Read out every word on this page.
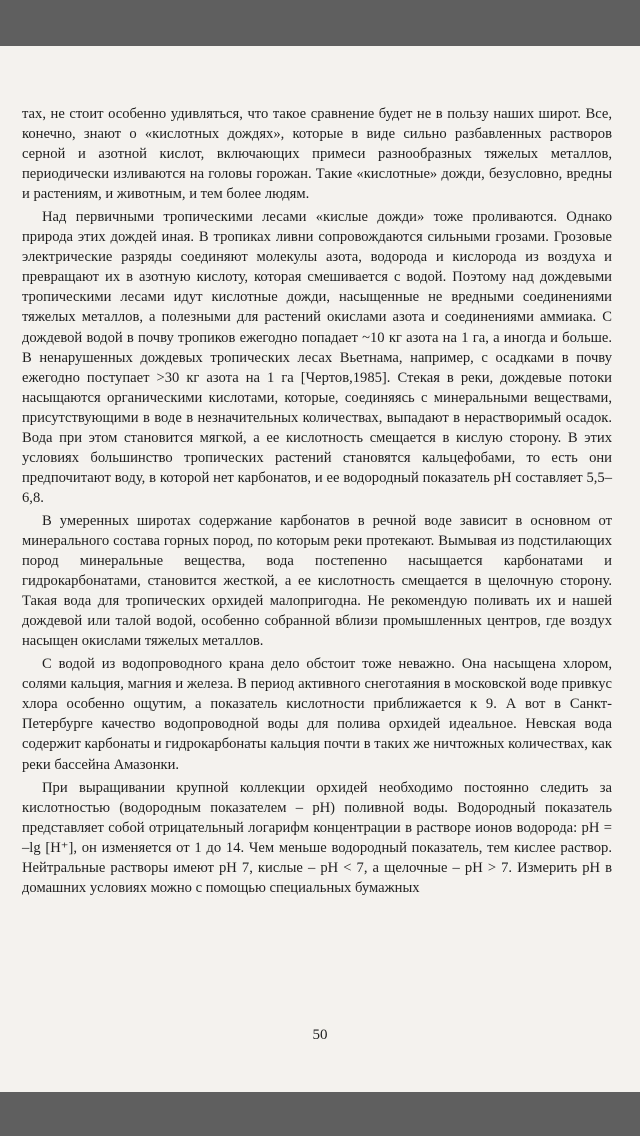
тах, не стоит особенно удивляться, что такое сравнение будет не в пользу наших широт. Все, конечно, знают о «кислотных дождях», которые в виде сильно разбавленных растворов серной и азотной кислот, включающих примеси разнообразных тяжелых металлов, периодически изливаются на головы горожан. Такие «кислотные» дожди, безусловно, вредны и растениям, и животным, и тем более людям.

Над первичными тропическими лесами «кислые дожди» тоже проливаются. Однако природа этих дождей иная. В тропиках ливни сопровождаются сильными грозами. Грозовые электрические разряды соединяют молекулы азота, водорода и кислорода из воздуха и превращают их в азотную кислоту, которая смешивается с водой. Поэтому над дождевыми тропическими лесами идут кислотные дожди, насыщенные не вредными соединениями тяжелых металлов, а полезными для растений окислами азота и соединениями аммиака. С дождевой водой в почву тропиков ежегодно попадает ~10 кг азота на 1 га, а иногда и больше. В ненарушенных дождевых тропических лесах Вьетнама, например, с осадками в почву ежегодно поступает >30 кг азота на 1 га [Чертов,1985]. Стекая в реки, дождевые потоки насыщаются органическими кислотами, которые, соединяясь с минеральными веществами, присутствующими в воде в незначительных количествах, выпадают в нерастворимый осадок. Вода при этом становится мягкой, а ее кислотность смещается в кислую сторону. В этих условиях большинство тропических растений становятся кальцефобами, то есть они предпочитают воду, в которой нет карбонатов, и ее водородный показатель pH составляет 5,5–6,8.

В умеренных широтах содержание карбонатов в речной воде зависит в основном от минерального состава горных пород, по которым реки протекают. Вымывая из подстилающих пород минеральные вещества, вода постепенно насыщается карбонатами и гидрокарбонатами, становится жесткой, а ее кислотность смещается в щелочную сторону. Такая вода для тропических орхидей малопригодна. Не рекомендую поливать их и нашей дождевой или талой водой, особенно собранной вблизи промышленных центров, где воздух насыщен окислами тяжелых металлов.

С водой из водопроводного крана дело обстоит тоже неважно. Она насыщена хлором, солями кальция, магния и железа. В период активного снеготаяния в московской воде привкус хлора особенно ощутим, а показатель кислотности приближается к 9. А вот в Санкт-Петербурге качество водопроводной воды для полива орхидей идеальное. Невская вода содержит карбонаты и гидрокарбонаты кальция почти в таких же ничтожных количествах, как реки бассейна Амазонки.

При выращивании крупной коллекции орхидей необходимо постоянно следить за кислотностью (водородным показателем – pH) поливной воды. Водородный показатель представляет собой отрицательный логарифм концентрации в растворе ионов водорода: pH = –lg [H⁺], он изменяется от 1 до 14. Чем меньше водородный показатель, тем кислее раствор. Нейтральные растворы имеют pH 7, кислые – pH < 7, а щелочные – pH > 7. Измерить pH в домашних условиях можно с помощью специальных бумажных

50
